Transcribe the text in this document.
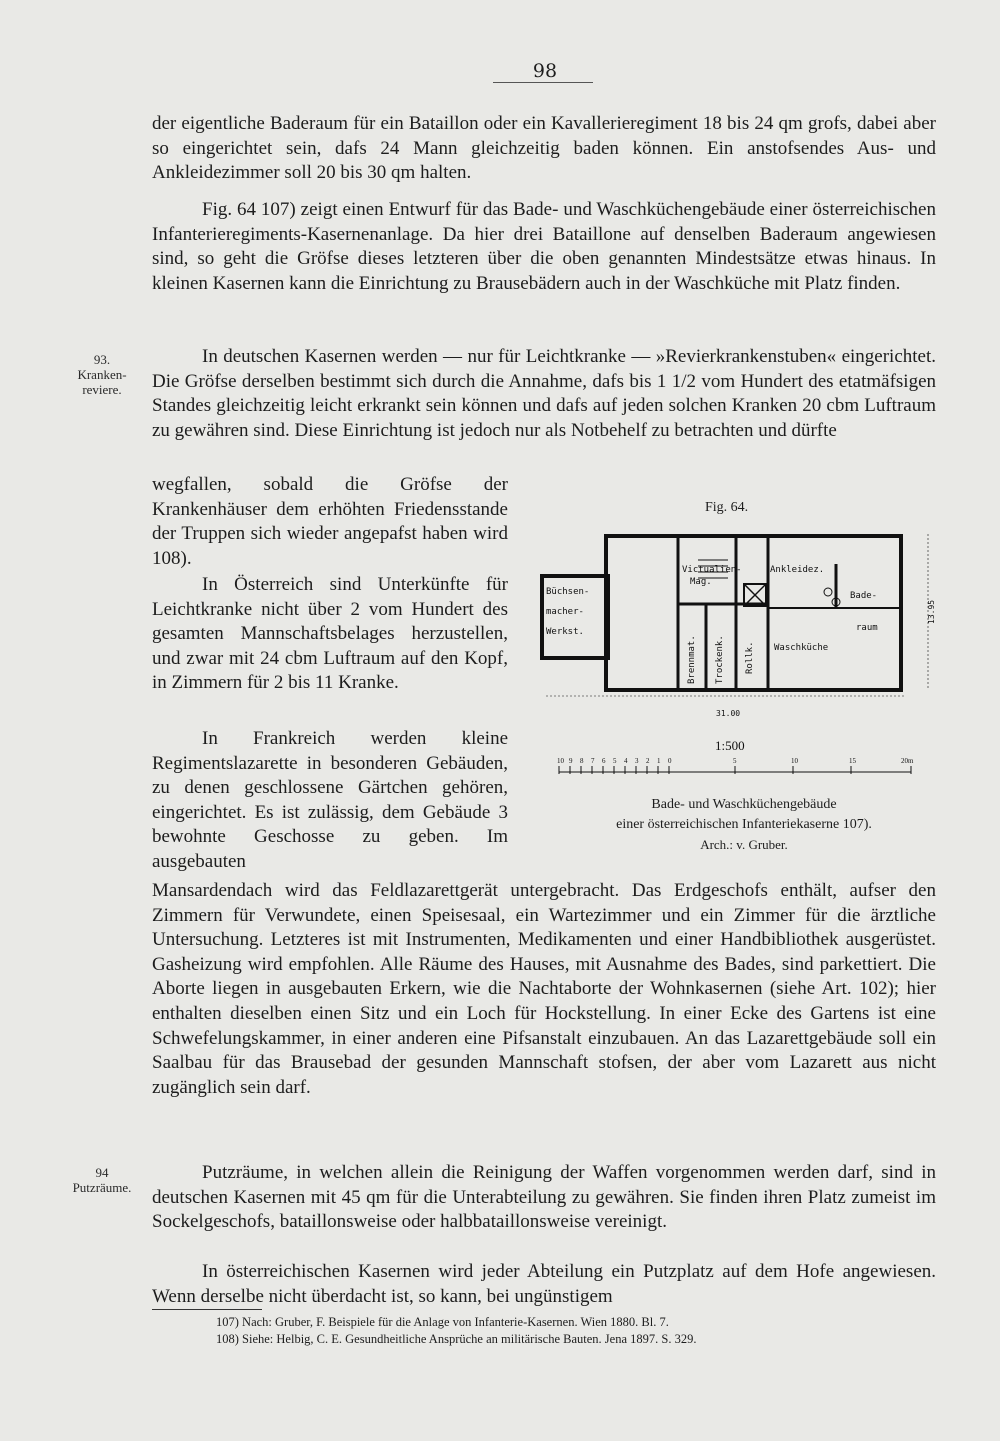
98

der eigentliche Baderaum für ein Bataillon oder ein Kavallerieregiment 18 bis 24 qm grofs, dabei aber so eingerichtet sein, dafs 24 Mann gleichzeitig baden können. Ein anstofsendes Aus- und Ankleidezimmer soll 20 bis 30 qm halten.

Fig. 64 107) zeigt einen Entwurf für das Bade- und Waschküchengebäude einer österreichischen Infanterieregiments-Kasernenanlage. Da hier drei Bataillone auf denselben Baderaum angewiesen sind, so geht die Gröfse dieses letzteren über die oben genannten Mindestsätze etwas hinaus. In kleinen Kasernen kann die Einrichtung zu Brausebädern auch in der Waschküche mit Platz finden.

In deutschen Kasernen werden — nur für Leichtkranke — »Revierkrankenstuben« eingerichtet. Die Gröfse derselben bestimmt sich durch die Annahme, dafs bis 1 1/2 vom Hundert des etatmäfsigen Standes gleichzeitig leicht erkrankt sein können und dafs auf jeden solchen Kranken 20 cbm Luftraum zu gewähren sind. Diese Einrichtung ist jedoch nur als Notbehelf zu betrachten und dürfte

wegfallen, sobald die Gröfse der Krankenhäuser dem erhöhten Friedensstande der Truppen sich wieder angepafst haben wird 108).

In Österreich sind Unterkünfte für Leichtkranke nicht über 2 vom Hundert des gesamten Mannschaftsbelages herzustellen, und zwar mit 24 cbm Luftraum auf den Kopf, in Zimmern für 2 bis 11 Kranke.

In Frankreich werden kleine Regimentslazarette in besonderen Gebäuden, zu denen geschlossene Gärtchen gehören, eingerichtet. Es ist zulässig, dem Gebäude 3 bewohnte Geschosse zu geben. Im ausgebauten

Mansardendach wird das Feldlazarettgerät untergebracht. Das Erdgeschofs enthält, aufser den Zimmern für Verwundete, einen Speisesaal, ein Wartezimmer und ein Zimmer für die ärztliche Untersuchung. Letzteres ist mit Instrumenten, Medikamenten und einer Handbibliothek ausgerüstet. Gasheizung wird empfohlen. Alle Räume des Hauses, mit Ausnahme des Bades, sind parkettiert. Die Aborte liegen in ausgebauten Erkern, wie die Nachtaborte der Wohnkasernen (siehe Art. 102); hier enthalten dieselben einen Sitz und ein Loch für Hockstellung. In einer Ecke des Gartens ist eine Schwefelungskammer, in einer anderen eine Pifsanstalt einzubauen. An das Lazarettgebäude soll ein Saalbau für das Brausebad der gesunden Mannschaft stofsen, der aber vom Lazarett aus nicht zugänglich sein darf.

Putzräume, in welchen allein die Reinigung der Waffen vorgenommen werden darf, sind in deutschen Kasernen mit 45 qm für die Unterabteilung zu gewähren. Sie finden ihren Platz zumeist im Sockelgeschofs, bataillonsweise oder halbbataillonsweise vereinigt.

In österreichischen Kasernen wird jeder Abteilung ein Putzplatz auf dem Hofe angewiesen. Wenn derselbe nicht überdacht ist, so kann, bei ungünstigem

93.
Kranken-
reviere.
94
Putzräume.
Fig. 64.
Büchsen-
macher-
Werkst.
Victualien-
Mag.
Ankleidez.
Bade-
raum
Brennmat. Trockenk. Rollk. Waschküche
31.00
13.95
1:500
10 9 8 7 6 5 4 3 2 1 0	5	10	15	20m
Bade- und Waschküchengebäude
einer österreichischen Infanteriekaserne 107).
Arch.: v. Gruber.

107) Nach: Gruber, F. Beispiele für die Anlage von Infanterie-Kasernen. Wien 1880. Bl. 7.

108) Siehe: Helbig, C. E. Gesundheitliche Ansprüche an militärische Bauten. Jena 1897. S. 329.
